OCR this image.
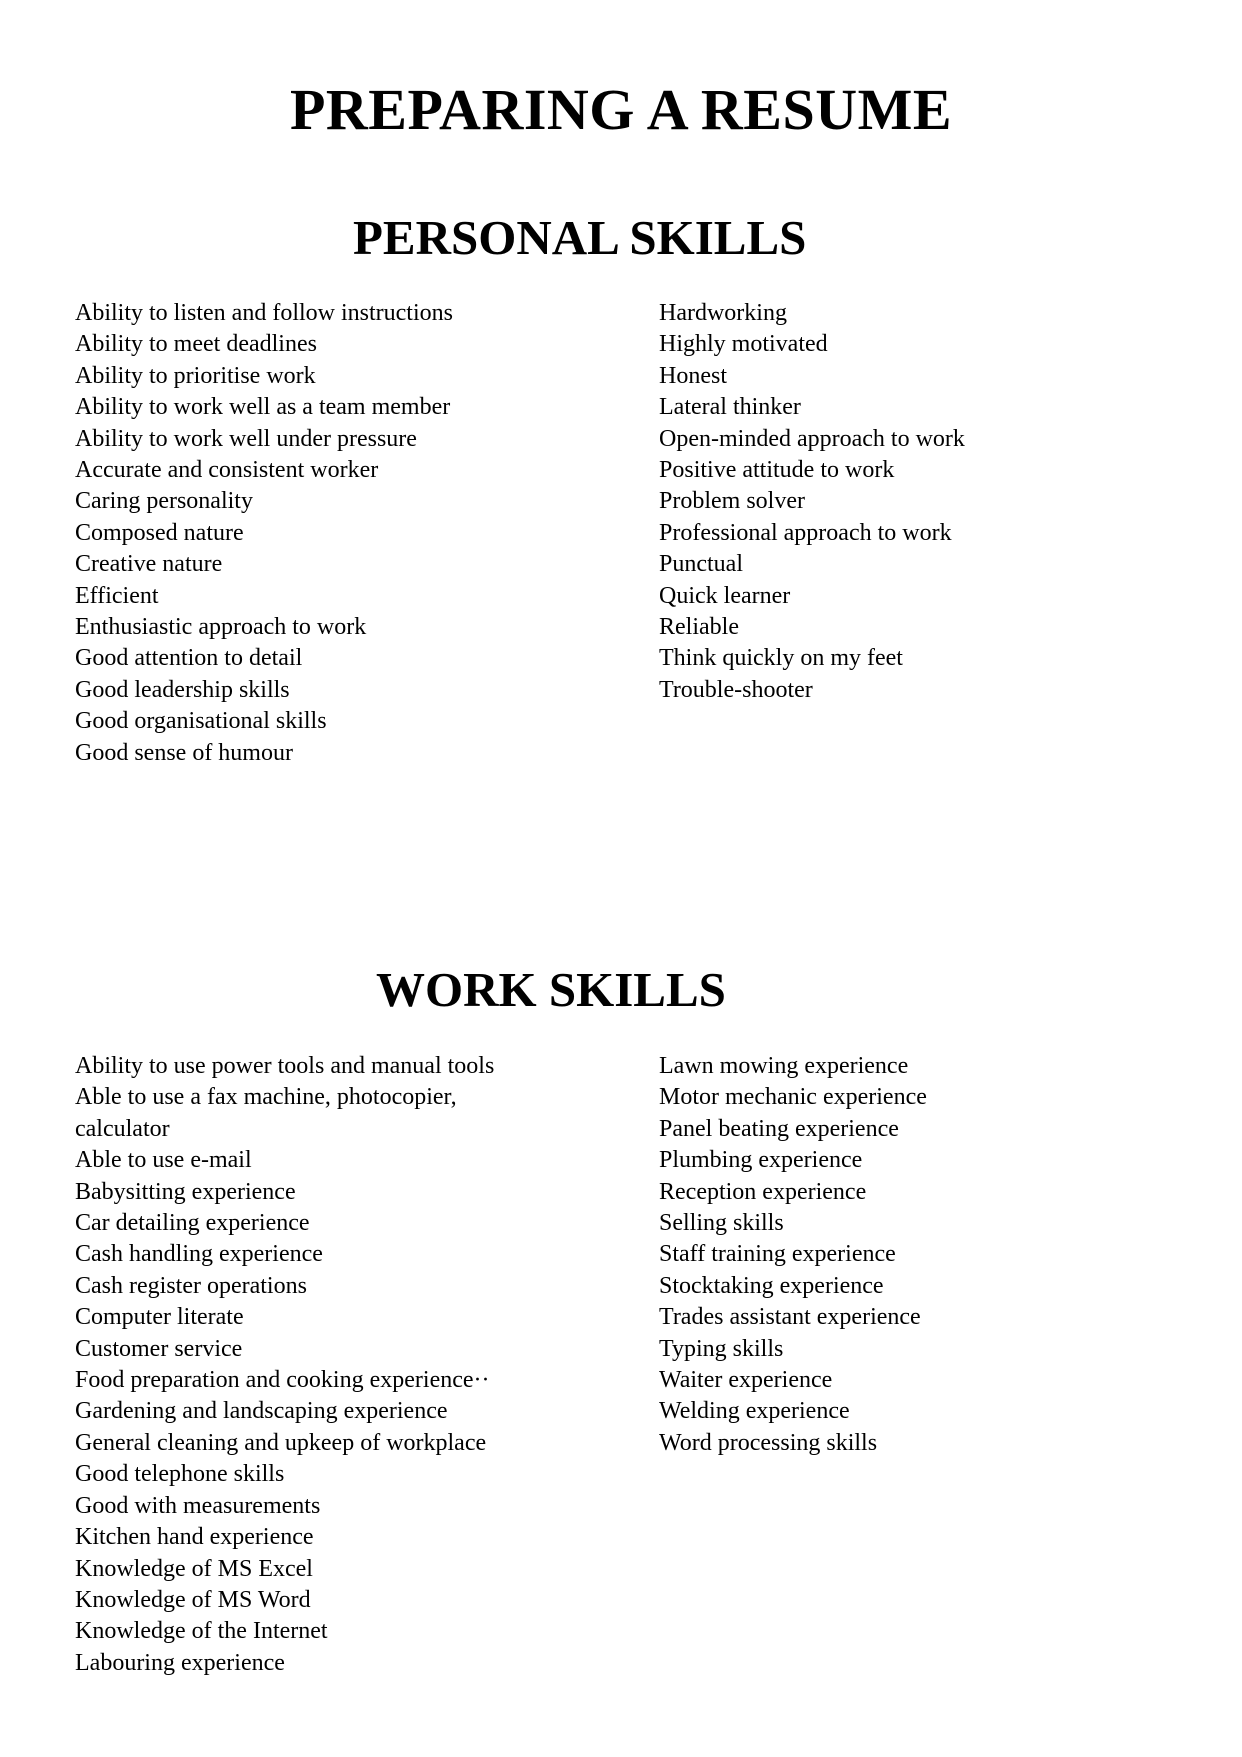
PREPARING A RESUME
PERSONAL SKILLS
Ability to listen and follow instructions
Ability to meet deadlines
Ability to prioritise work
Ability to work well as a team member
Ability to work well under pressure
Accurate and consistent worker
Caring personality
Composed nature
Creative nature
Efficient
Enthusiastic approach to work
Good attention to detail
Good leadership skills
Good organisational skills
Good sense of humour
Hardworking
Highly motivated
Honest
Lateral thinker
Open-minded approach to work
Positive attitude to work
Problem solver
Professional approach to work
Punctual
Quick learner
Reliable
Think quickly on my feet
Trouble-shooter
WORK SKILLS
Ability to use power tools and manual tools
Able to use a fax machine, photocopier, calculator
Able to use e-mail
Babysitting experience
Car detailing experience
Cash handling experience
Cash register operations
Computer literate
Customer service
Food preparation and cooking experience··
Gardening and landscaping experience
General cleaning and upkeep of workplace
Good telephone skills
Good with measurements
Kitchen hand experience
Knowledge of MS Excel
Knowledge of MS Word
Knowledge of the Internet
Labouring experience
Lawn mowing experience
Motor mechanic experience
Panel beating experience
Plumbing experience
Reception experience
Selling skills
Staff training experience
Stocktaking experience
Trades assistant experience
Typing skills
Waiter experience
Welding experience
Word processing skills
